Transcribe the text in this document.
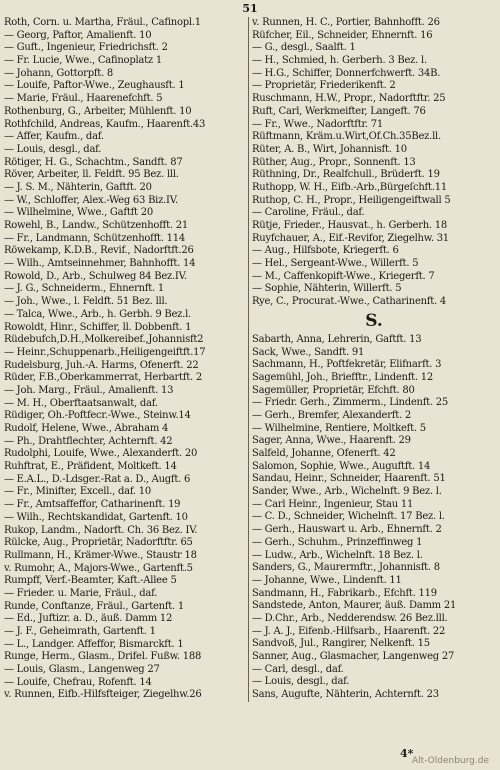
51
Roth, Corn. u. Martha, Fräul., Cafinopl.1
— Georg, Paftor, Amalienft. 10
— Guft., Ingenieur, Friedrichsft. 2
— Fr. Lucie, Wwe., Cafinoplatz 1
— Johann, Gottorpft. 8
— Louife, Paftor-Wwe., Zeughausft. 1
— Marie, Fräul., Haarenefchft. 5
Rothenburg, G., Arbeiter, Mühlenft. 10
Rothfchild, Andreas, Kaufm., Haarenft.43
— Affer, Kaufm., daf.
— Louis, desgl., daf.
Rötiger, H. G., Schachtm., Sandft. 87
Röver, Arbeiter, ll. Feldft. 95 Bez. lll.
— J. S. M., Nähterin, Gaftft. 20
— W., Schloffer, Alex.-Weg 63 Biz.IV.
— Wilhelmine, Wwe., Gaftft 20
Rowehl, B., Landw., Schützenhofft. 21
— Fr., Landmann, Schützenhofft. 114
Röwekamp, K.D.B., Revif., Nadorftft.26
— Wilh., Amtseinnehmer, Bahnhofft. 14
Rowold, D., Arb., Schulweg 84 Bez.IV.
— J. G., Schneiderm., Ehnernft. 1
— Joh., Wwe., l. Feldft. 51 Bez. lll.
— Talca, Wwe., Arb., h. Gerbh. 9 Bez.l.
Rowoldt, Hinr., Schiffer, ll. Dobbenft. 1
Rüdebufch,D.H.,Molkereibef.,Johannisft2
— Heinr.,Schuppenarb.,Heiligengeiftft.17
Rudelsburg, Juh.-A. Harms, Ofenerft. 22
Rüder, F.B.,Oberkammerrat, Herbartft. 2
— Joh. Marg., Fräul., Amalienft. 13
— M. H., Oberftaatsanwalt, daf.
Rüdiger, Oh.-Poftfecr.-Wwe., Steinw.14
Rudolf, Helene, Wwe., Abraham 4
— Ph., Drahtflechter, Achternft. 42
Rudolphi, Louife, Wwe., Alexanderft. 20
Ruhftrat, E., Präfident, Moltkeft. 14
— E.A.L., D.-Ldsger.-Rat a. D., Augft. 6
— Fr., Minifter, Excell., daf. 10
— Fr., Amtsaffeffor, Catharinenft. 19
— Wilh., Rechtskandidat, Gartenft. 10
Rukop, Landm., Nadorft. Ch. 36 Bez. IV.
Rülcke, Aug., Proprietär, Nadorftftr. 65
Rullmann, H., Krämer-Wwe., Staustr 18
v. Rumohr, A., Majors-Wwe., Gartenft.5
Rumpff, Verf.-Beamter, Kaft.-Allee 5
— Frieder. u. Marie, Fräul., daf.
Runde, Conftanze, Fräul., Gartenft. 1
— Ed., Juftizr. a. D., äuß. Damm 12
— J. F., Geheimrath, Gartenft. 1
— L., Landger. Affeffor, Bismarckft. 1
Runge, Herm., Glasm., Drifel. Fußw. 188
— Louis, Glasm., Langenweg 27
— Louife, Chefrau, Rofenft. 14
v. Runnen, Eifb.-Hilfsfteiger, Ziegelhw.26
v. Runnen, H. C., Portier, Bahnhofft. 26
Rüfcher, Eil., Schneider, Ehnernft. 16
— G., desgl., Saalft. 1
— H., Schmied, h. Gerberh. 3 Bez. l.
— H.G., Schiffer, Donnerfchwerft. 34B.
— Proprietär, Friederikenft. 2
Ruschmann, H.W., Propr., Nadorftftr. 25
Ruft, Carl, Werkmeifter, Langeft. 76
— Fr., Wwe., Nadorftftr. 71
Rüftmann, Kräm.u.Wirt,Of.Ch.35Bez.ll.
Rüter, A. B., Wirt, Johannisft. 10
Rüther, Aug., Propr., Sonnenft. 13
Rüthning, Dr., Realfchull., Brüderft. 19
Ruthopp, W. H., Eifb.-Arb.,Bürgeſchft.11
Ruthop, C. H., Propr., Heiligengeiftwall 5
— Caroline, Fräul., daf.
Rütje, Frieder., Hausvat., h. Gerberh. 18
Ruyfchauer, A., Eif.-Revifor, Ziegelhw. 31
— Aug., Hilfsbote, Kriegerft. 6
— Hel., Sergeant-Wwe., Willerft. 5
— M., Caffenkopift-Wwe., Kriegerft. 7
— Sophie, Nähterin, Willerft. 5
Rye, C., Procurat.-Wwe., Catharinenft. 4
S.
Sabarth, Anna, Lehrerin, Gaftft. 13
Sack, Wwe., Sandft. 91
Sachmann, H., Poftfekretär, Elifnarft. 3
Sagemühl, Joh., Briefftr., Lindenft. 12
Sagemüller, Proprietär, Efchft. 80
— Friedr. Gerh., Zimmerm., Lindenft. 25
— Gerh., Bremfer, Alexanderft. 2
— Wilhelmine, Rentiere, Moltkeft. 5
Sager, Anna, Wwe., Haarenft. 29
Salfeld, Johanne, Ofenerft. 42
Salomon, Sophie, Wwe., Auguftft. 14
Sandau, Heinr., Schneider, Haarenft. 51
Sander, Wwe., Arb., Wichelnft. 9 Bez. l.
— Carl Heinr., Ingenieur, Stau 11
— C. D., Schneider, Wichelnft. 17 Bez. l.
— Gerh., Hauswart u. Arb., Ehnernft. 2
— Gerh., Schuhm., Prinzeffinweg 1
— Ludw., Arb., Wichelnft. 18 Bez. l.
Sanders, G., Maurermftr., Johannisft. 8
— Johanne, Wwe., Lindenft. 11
Sandmann, H., Fabrikarb., Efchft. 119
Sandstede, Anton, Maurer, äuß. Damm 21
— D.Chr., Arb., Nedderendsw. 26 Bez.lll.
— J. A. J., Eifenb.-Hilfsarb., Haarenft. 22
Sandvoß, Jul., Rangirer, Nelkenft. 15
Sanner, Aug., Glasmacher, Langenweg 27
— Carl, desgl., daf.
— Louis, desgl., daf.
Sans, Augufte, Nähterin, Achternft. 23
4*
Alt-Oldenburg.de
